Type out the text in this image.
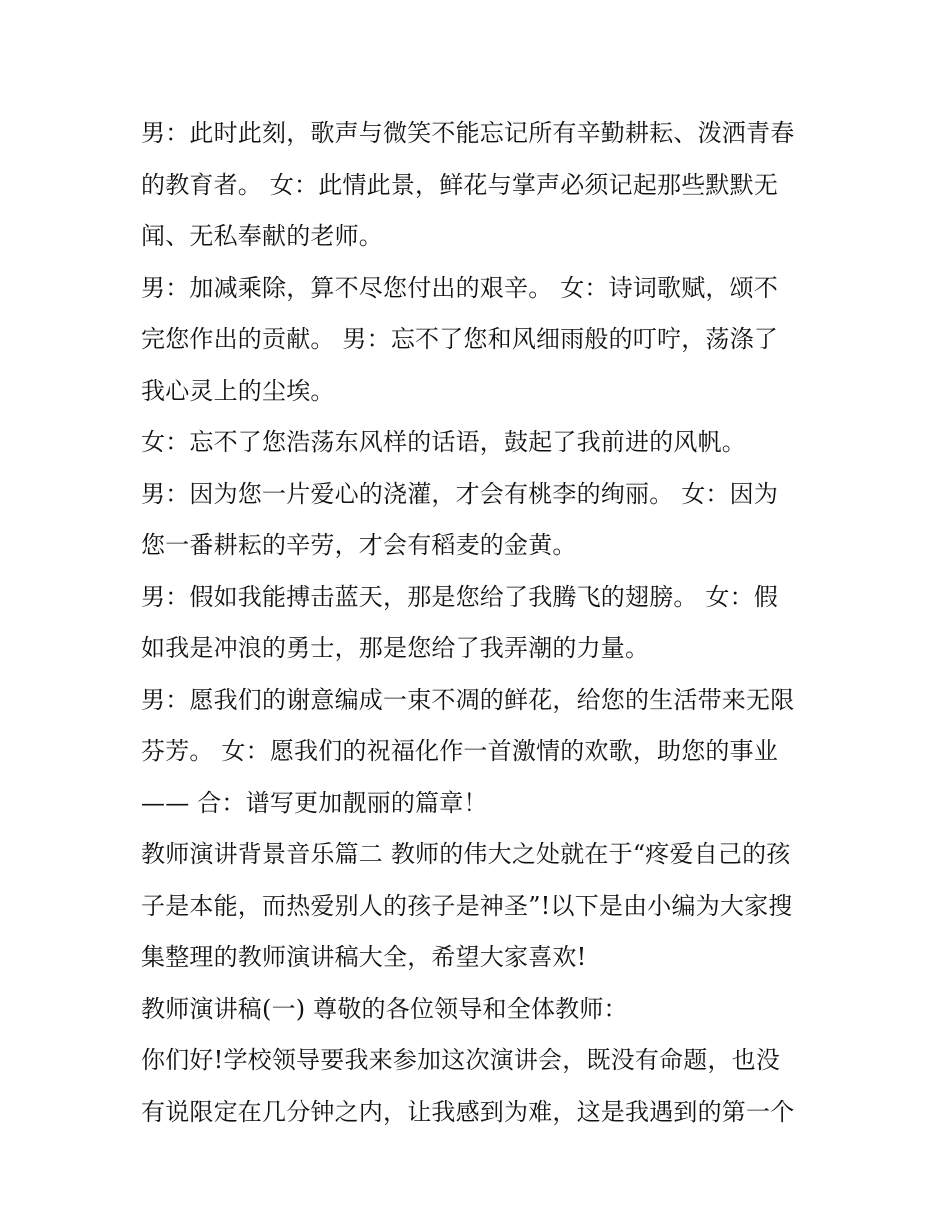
男：此时此刻，歌声与微笑不能忘记所有辛勤耕耘、泼洒青春
的教育者。 女：此情此景，鲜花与掌声必须记起那些默默无
闻、无私奉献的老师。
男：加减乘除，算不尽您付出的艰辛。 女：诗词歌赋，颂不
完您作出的贡献。 男：忘不了您和风细雨般的叮咛，荡涤了
我心灵上的尘埃。
女：忘不了您浩荡东风样的话语，鼓起了我前进的风帆。
男：因为您一片爱心的浇灌，才会有桃李的绚丽。 女：因为
您一番耕耘的辛劳，才会有稻麦的金黄。
男：假如我能搏击蓝天，那是您给了我腾飞的翅膀。 女：假
如我是冲浪的勇士，那是您给了我弄潮的力量。
男：愿我们的谢意编成一束不凋的鲜花，给您的生活带来无限
芬芳。 女：愿我们的祝福化作一首激情的欢歌，助您的事业
—— 合：谱写更加靓丽的篇章！
教师演讲背景音乐篇二 教师的伟大之处就在于“疼爱自己的孩
子是本能，而热爱别人的孩子是神圣”!以下是由小编为大家搜
集整理的教师演讲稿大全，希望大家喜欢!
教师演讲稿(一) 尊敬的各位领导和全体教师：
你们好!学校领导要我来参加这次演讲会，既没有命题，也没
有说限定在几分钟之内，让我感到为难，这是我遇到的第一个
